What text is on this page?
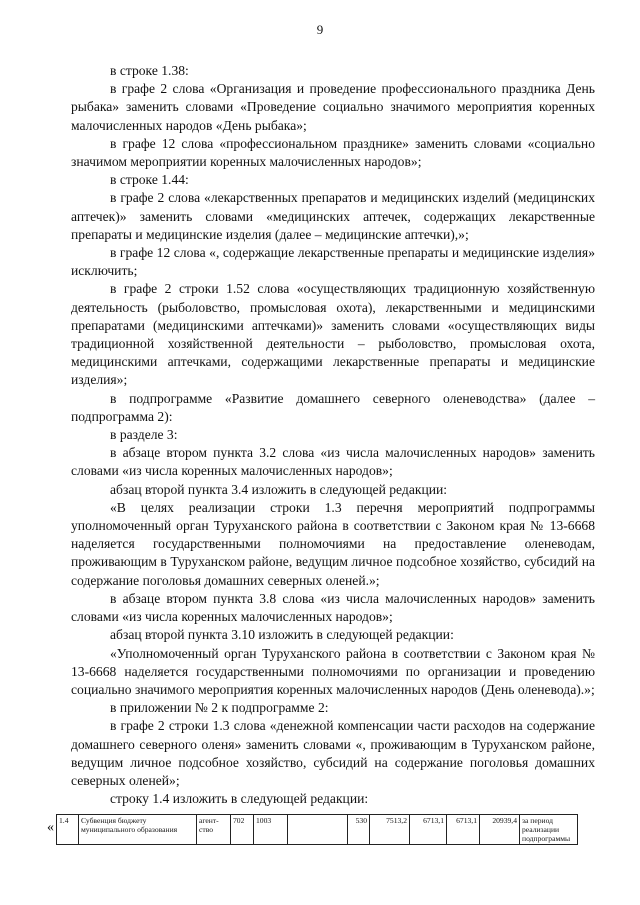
9

в строке 1.38:

в графе 2 слова «Организация и проведение профессионального праздника День рыбака» заменить словами «Проведение социально значимого мероприятия коренных малочисленных народов «День рыбака»;

в графе 12 слова «профессиональном празднике» заменить словами «социально значимом мероприятии коренных малочисленных народов»;

в строке 1.44:

в графе 2 слова «лекарственных препаратов и медицинских изделий (медицинских аптечек)» заменить словами «медицинских аптечек, содержащих лекарственные препараты и медицинские изделия (далее – медицинские аптечки),»;

в графе 12 слова «, содержащие лекарственные препараты и медицинские изделия» исключить;

в графе 2 строки 1.52 слова «осуществляющих традиционную хозяйственную деятельность (рыболовство, промысловая охота), лекарственными и медицинскими препаратами (медицинскими аптечками)» заменить словами «осуществляющих виды традиционной хозяйственной деятельности – рыболовство, промысловая охота, медицинскими аптечками, содержащими лекарственные препараты и медицинские изделия»;

в подпрограмме «Развитие домашнего северного оленеводства» (далее – подпрограмма 2):

в разделе 3:

в абзаце втором пункта 3.2 слова «из числа малочисленных народов» заменить словами «из числа коренных малочисленных народов»;

абзац второй пункта 3.4 изложить в следующей редакции:

«В целях реализации строки 1.3 перечня мероприятий подпрограммы уполномоченный орган Туруханского района в соответствии с Законом края № 13-6668 наделяется государственными полномочиями на предоставление оленеводам, проживающим в Туруханском районе, ведущим личное подсобное хозяйство, субсидий на содержание поголовья домашних северных оленей.»;

в абзаце втором пункта 3.8 слова «из числа малочисленных народов» заменить словами «из числа коренных малочисленных народов»;

абзац второй пункта 3.10 изложить в следующей редакции:

«Уполномоченный орган Туруханского района в соответствии с Законом края № 13-6668 наделяется государственными полномочиями по организации и проведению социально значимого мероприятия коренных малочисленных народов (День оленевода).»;

в приложении № 2 к подпрограмме 2:

в графе 2 строки 1.3 слова «денежной компенсации части расходов на содержание домашнего северного оленя» заменить словами «, проживающим в Туруханском районе, ведущим личное подсобное хозяйство, субсидий на содержание поголовья домашних северных оленей»;

строку 1.4 изложить в следующей редакции:

« 1.4	Субвенция бюджету муниципального образования	агент-ство	702	1003		530	7513,2	6713,1	6713,1	20939,4	за период реализации подпрограммы
